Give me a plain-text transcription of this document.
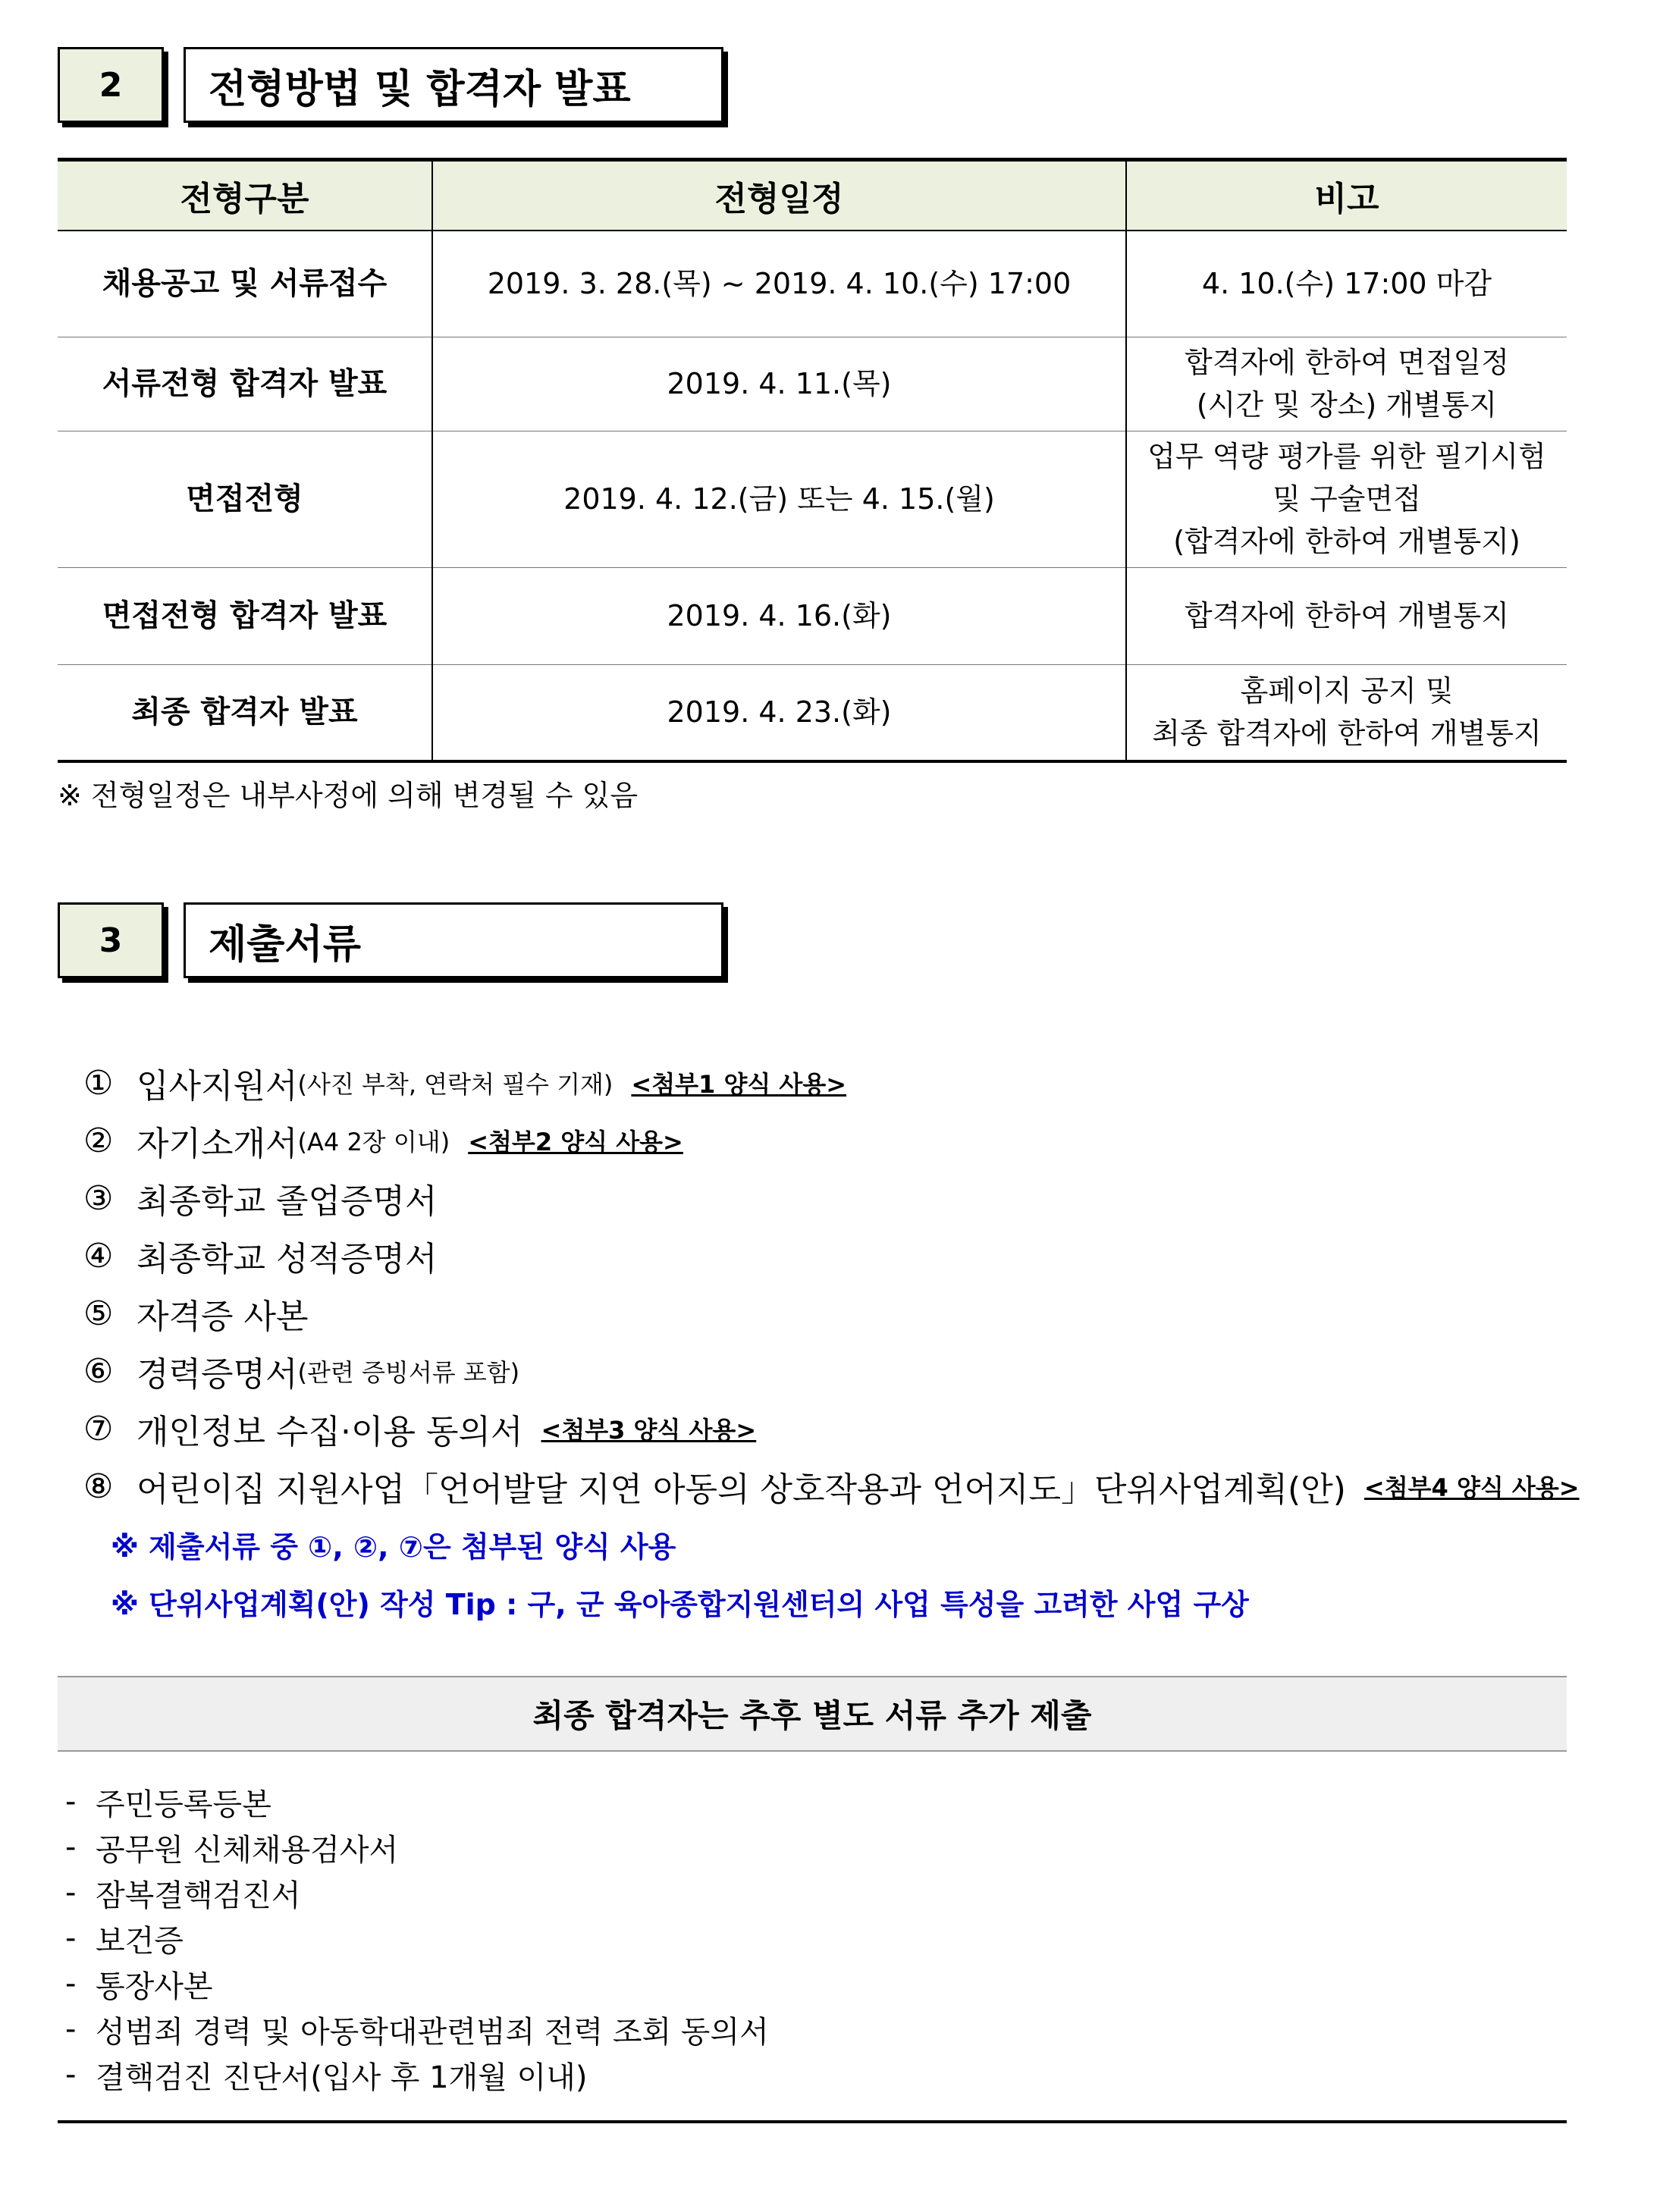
2	전형방법 및 합격자 발표
전형구분	전형일정	비고
채용공고 및 서류접수	2019. 3. 28.(목) ~ 2019. 4. 10.(수) 17:00	4. 10.(수) 17:00 마감

서류전형 합격자 발표	2019. 4. 11.(목)	합격자에 한하여 면접일정
(시간 및 장소) 개별통지

면접전형	2019. 4. 12.(금) 또는 4. 15.(월)	업무 역량 평가를 위한 필기시험
및 구술면접
(합격자에 한하여 개별통지)

면접전형 합격자 발표	2019. 4. 16.(화)	합격자에 한하여 개별통지

최종 합격자 발표	2019. 4. 23.(화)	홈페이지 공지 및
최종 합격자에 한하여 개별통지
※ 전형일정은 내부사정에 의해 변경될 수 있음
3	제출서류
① 입사지원서 (사진 부착, 연락처 필수 기재) <첨부1 양식 사용>
② 자기소개서 (A4 2장 이내) <첨부2 양식 사용>
③ 최종학교 졸업증명서
④ 최종학교 성적증명서
⑤ 자격증 사본
⑥ 경력증명서 (관련 증빙서류 포함)
⑦ 개인정보 수집·이용 동의서 <첨부3 양식 사용>
⑧ 어린이집 지원사업「언어발달 지연 아동의 상호작용과 언어지도」단위사업계획(안) <첨부4 양식 사용>
※ 제출서류 중 ①, ②, ⑦은 첨부된 양식 사용
※ 단위사업계획(안) 작성 Tip : 구, 군 육아종합지원센터의 사업 특성을 고려한 사업 구상
최종 합격자는 추후 별도 서류 추가 제출
- 주민등록등본
- 공무원 신체채용검사서
- 잠복결핵검진서
- 보건증
- 통장사본
- 성범죄 경력 및 아동학대관련범죄 전력 조회 동의서
- 결핵검진 진단서(입사 후 1개월 이내)
